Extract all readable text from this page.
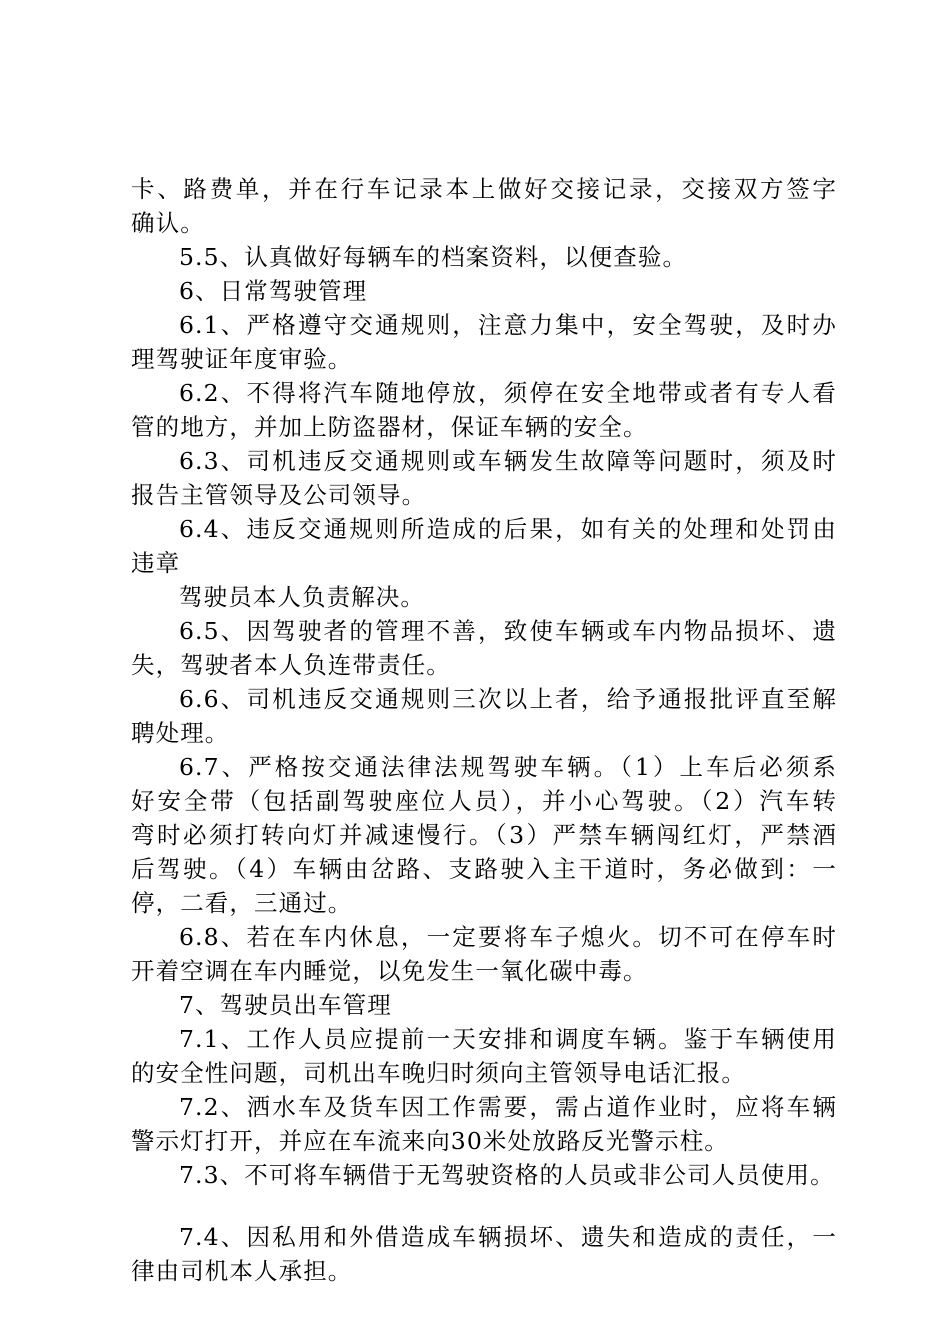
卡、路费单，并在行车记录本上做好交接记录，交接双方签字
确认。
5.5、认真做好每辆车的档案资料，以便查验。
6、日常驾驶管理
6.1、严格遵守交通规则，注意力集中，安全驾驶，及时办
理驾驶证年度审验。
6.2、不得将汽车随地停放，须停在安全地带或者有专人看
管的地方，并加上防盗器材，保证车辆的安全。
6.3、司机违反交通规则或车辆发生故障等问题时，须及时
报告主管领导及公司领导。
6.4、违反交通规则所造成的后果，如有关的处理和处罚由
违章
驾驶员本人负责解决。
6.5、因驾驶者的管理不善，致使车辆或车内物品损坏、遗
失，驾驶者本人负连带责任。
6.6、司机违反交通规则三次以上者，给予通报批评直至解
聘处理。
6.7、严格按交通法律法规驾驶车辆。（1）上车后必须系
好安全带（包括副驾驶座位人员），并小心驾驶。（2）汽车转
弯时必须打转向灯并减速慢行。（3）严禁车辆闯红灯，严禁酒
后驾驶。（4）车辆由岔路、支路驶入主干道时，务必做到：一
停，二看，三通过。
6.8、若在车内休息，一定要将车子熄火。切不可在停车时
开着空调在车内睡觉，以免发生一氧化碳中毒。
7、驾驶员出车管理
7.1、工作人员应提前一天安排和调度车辆。鉴于车辆使用
的安全性问题，司机出车晚归时须向主管领导电话汇报。
7.2、洒水车及货车因工作需要，需占道作业时，应将车辆
警示灯打开，并应在车流来向30米处放路反光警示柱。
7.3、不可将车辆借于无驾驶资格的人员或非公司人员使用。
7.4、因私用和外借造成车辆损坏、遗失和造成的责任，一
律由司机本人承担。
